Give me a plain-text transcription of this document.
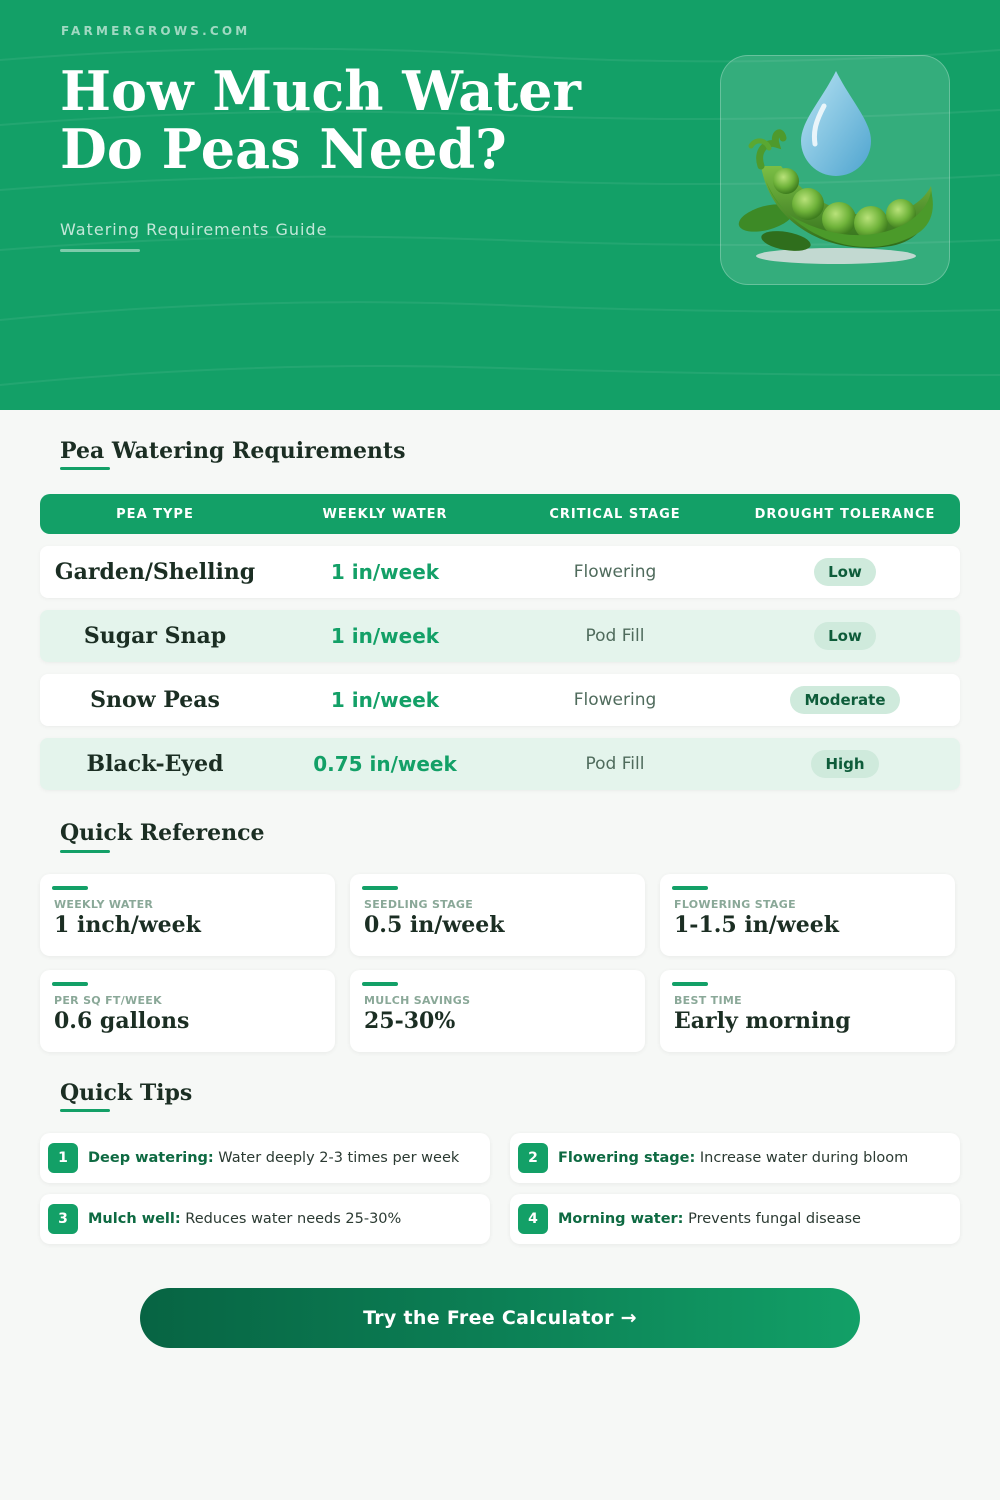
FARMERGROWS.COM
How Much Water Do Peas Need?
Watering Requirements Guide
Pea Watering Requirements
PEA TYPE	WEEKLY WATER	CRITICAL STAGE	DROUGHT TOLERANCE
Garden/Shelling	1 in/week	Flowering	Low
Sugar Snap	1 in/week	Pod Fill	Low
Snow Peas	1 in/week	Flowering	Moderate
Black-Eyed	0.75 in/week	Pod Fill	High
Quick Reference
WEEKLY WATER
1 inch/week
SEEDLING STAGE
0.5 in/week
FLOWERING STAGE
1-1.5 in/week
PER SQ FT/WEEK
0.6 gallons
MULCH SAVINGS
25-30%
BEST TIME
Early morning
Quick Tips
1	Deep watering: Water deeply 2-3 times per week	2	Flowering stage: Increase water during bloom
3	Mulch well: Reduces water needs 25-30%	4	Morning water: Prevents fungal disease
Try the Free Calculator →
